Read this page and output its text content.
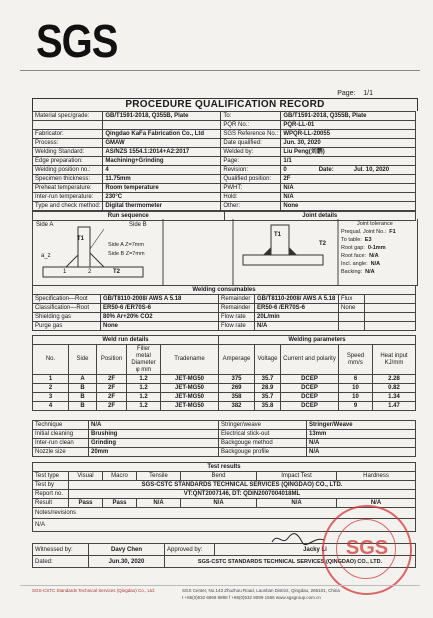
SGS
Page: 1/1
PROCEDURE QUALIFICATION RECORD
Material spec/grade:	GB/T1591-2018, Q355B, Plate	To:	GB/T1591-2018, Q355B, Plate
		PQR No.:	PQR-LL-01
Fabricator:	Qingdao KaFa Fabrication Co., Ltd	SGS Reference No.:	WPQR-LL-20055
Process:	GMAW	Date qualified:	Jun. 30, 2020
Welding Standard:	AS/NZS 1554.1:2014+A2:2017	Welded by:	Liu Peng(刘鹏)
Edge preparation:	Machining+Grinding	Page:	1/1
Welding position no.:	4	Revision:	0 Date: Jul. 10, 2020
Specimen thickness:	11.75mm	Qualified position:	2F
Preheat temperature:	Room temperature	PWHT:	N/A
Inter-run temperature:	230°C	Hold:	N/A
Type and check method:	Digital thermometer	Other:	None
Run sequence	Joint details
Side A	Side B
T1
T2
Side A Z=7mm
Side B Z=7mm
a_z
1	2
T1
T2
Joint tolerance
Prequal. Joint No.: F1
To table: E3
Root gap: 0-1mm
Root face: N/A
Incl. angle: N/A
Backing: N/A
Welding consumables					
Specification—Root	GB/T8110-2008/ AWS A 5.18	Remainder	GB/T8110-2008/ AWS A 5.18	Flux	
Classification—Root	ER50-6 /ER70S-6	Remainder	ER50-6 /ER70S-6	None	
Shielding gas	80% Ar+20% CO2	Flow rate	20L/min		
Purge gas	None	Flow rate	N/A		
Weld run details					Welding parameters				
No.	Side	Position	Filler metal Diameter φ mm	Tradename	Amperage	Voltage	Current and polarity	Speed mm/s	Heat input KJ/mm
1	A	2F	1.2	JET-MG50	375	35.7	DCEP	6	2.28
2	B	2F	1.2	JET-MG50	269	28.9	DCEP	10	0.82
3	B	2F	1.2	JET-MG50	358	35.7	DCEP	10	1.34
4	B	2F	1.2	JET-MG50	382	35.8	DCEP	9	1.47
Technique	N/A	Stringer/weave	Stringer/Weave
Initial cleaning	Brushing	Electrical stick-out	13mm
Inter-run clean	Grinding	Backgouge method	N/A
Nozzle size	20mm	Backgouge profile	N/A
Test results						
Test type	Visual	Macro	Tensile	Bend	Impact Test	Hardness
Test by	SGS-CSTC STANDARDS TECHNICAL SERVICES (QINGDAO) CO., LTD.					
Report no.	VT:QNT2007146, DT: QDIN2007004018ML					
Result	Pass	Pass	N/A	N/A	N/A	N/A
Notes/revisions						
N/A						
Witnessed by:	Davy Chen	Approved by:	Jacky Li
Dated:	Jun.30, 2020	SGS-CSTC STANDARDS TECHNICAL SERVICES (QINGDAO) CO., LTD.	
SGS
SGS-CSTC Standards Technical Services (Qingdao) Co., Ltd.	SGS Center, No.143 Zhuzhou Road, Laoshan District, Qingdao, 266101, China
t +86(0)532 6869 8888 f +86(0)532 8099 1555 www.sgsgroup.com.cn
